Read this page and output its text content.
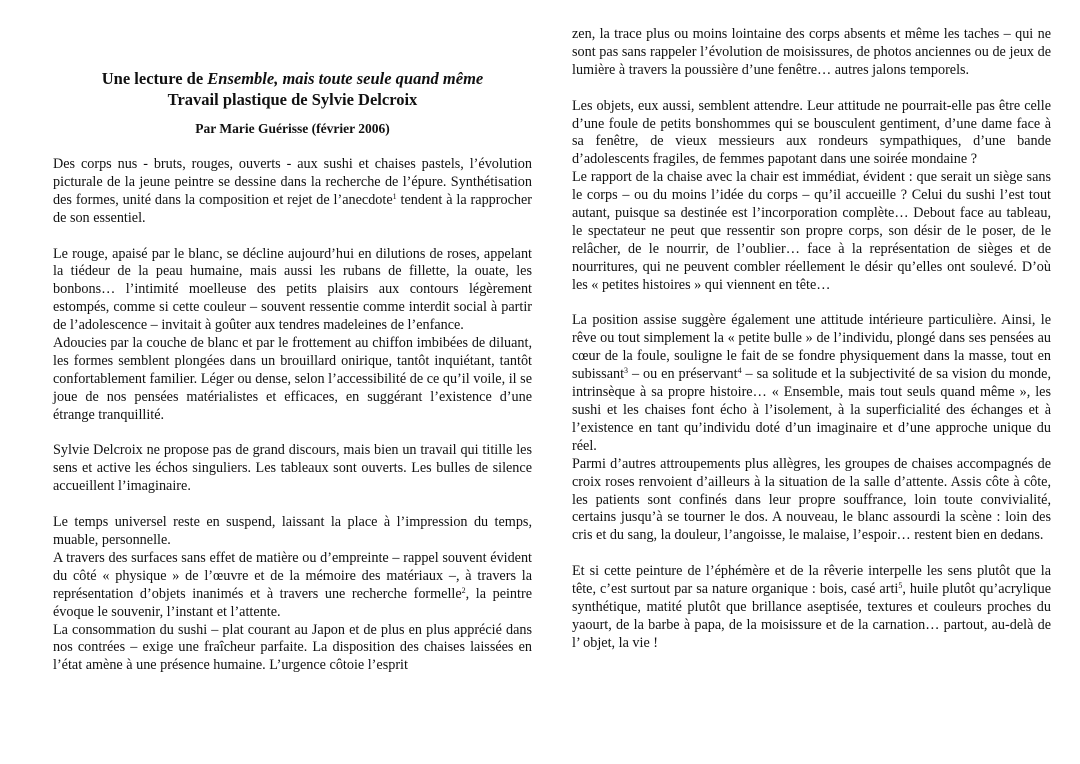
Une lecture de Ensemble, mais toute seule quand même
Travail plastique de Sylvie Delcroix
Par Marie Guérisse (février 2006)

Des corps nus - bruts, rouges, ouverts - aux sushi et chaises pastels, l’évolution picturale de la jeune peintre se dessine dans la recherche de l’épure. Synthétisation des formes, unité dans la composition et rejet de l’anecdote$^1$ tendent à la rapprocher de son essentiel.

Le rouge, apaisé par le blanc, se décline aujourd’hui en dilutions de roses, appelant la tiédeur de la peau humaine, mais aussi les rubans de fillette, la ouate, les bonbons… l’intimité moelleuse des petits plaisirs aux contours légèrement estompés, comme si cette couleur – souvent ressentie comme interdit social à partir de l’adolescence – invitait à goûter aux tendres madeleines de l’enfance.

Adoucies par la couche de blanc et par le frottement au chiffon imbibées de diluant, les formes semblent plongées dans un brouillard onirique, tantôt inquiétant, tantôt confortablement familier. Léger ou dense, selon l’accessibilité de ce qu’il voile, il se joue de nos pensées matérialistes et efficaces, en suggérant l’existence d’une étrange tranquillité.

Sylvie Delcroix ne propose pas de grand discours, mais bien un travail qui titille les sens et active les échos singuliers. Les tableaux sont ouverts. Les bulles de silence accueillent l’imaginaire.

Le temps universel reste en suspend, laissant la place à l’impression du temps, muable, personnelle.

A travers des surfaces sans effet de matière ou d’empreinte – rappel souvent évident du côté « physique » de l’œuvre et de la mémoire des matériaux –, à travers la représentation d’objets inanimés et à travers une recherche formelle$^2$, la peintre évoque le souvenir, l’instant et l’attente.

La consommation du sushi – plat courant au Japon et de plus en plus apprécié dans nos contrées – exige une fraîcheur parfaite. La disposition des chaises laissées en l’état amène à une présence humaine. L’urgence côtoie l’esprit

zen, la trace plus ou moins lointaine des corps absents et même les taches – qui ne sont pas sans rappeler l’évolution de moisissures, de photos anciennes ou de jeux de lumière à travers la poussière d’une fenêtre… autres jalons temporels.

Les objets, eux aussi, semblent attendre. Leur attitude ne pourrait-elle pas être celle d’une foule de petits bonshommes qui se bousculent gentiment, d’une dame face à sa fenêtre, de vieux messieurs aux rondeurs sympathiques, d’une bande d’adolescents fragiles, de femmes papotant dans une soirée mondaine ?

Le rapport de la chaise avec la chair est immédiat, évident : que serait un siège sans le corps – ou du moins l’idée du corps – qu’il accueille ? Celui du sushi l’est tout autant, puisque sa destinée est l’incorporation complète… Debout face au tableau, le spectateur ne peut que ressentir son propre corps, son désir de le poser, de le relâcher, de le nourrir, de l’oublier… face à la représentation de sièges et de nourritures, qui ne peuvent combler réellement le désir qu’elles ont soulevé. D’où les « petites histoires » qui viennent en tête…

La position assise suggère également une attitude intérieure particulière. Ainsi, le rêve ou tout simplement la « petite bulle » de l’individu, plongé dans ses pensées au cœur de la foule, souligne le fait de se fondre physiquement dans la masse, tout en subissant$^3$ – ou en préservant$^4$ – sa solitude et la subjectivité de sa vision du monde, intrinsèque à sa propre histoire… « Ensemble, mais tout seuls quand même », les sushi et les chaises font écho à l’isolement, à la superficialité des échanges et à l’existence en tant qu’individu doté d’un imaginaire et d’une approche unique du réel.

Parmi d’autres attroupements plus allègres, les groupes de chaises accompagnés de croix roses renvoient d’ailleurs à la situation de la salle d’attente. Assis côte à côte, les patients sont confinés dans leur propre souffrance, loin toute convivialité, certains jusqu’à se tourner le dos. A nouveau, le blanc assourdi la scène : loin des cris et du sang, la douleur, l’angoisse, le malaise, l’espoir… restent bien en dedans.

Et si cette peinture de l’éphémère et de la rêverie interpelle les sens plutôt que la tête, c’est surtout par sa nature organique : bois, casé arti$^5$, huile plutôt qu’acrylique synthétique, matité plutôt que brillance aseptisée, textures et couleurs proches du yaourt, de la barbe à papa, de la moisissure et de la carnation… partout, au-delà de l’ objet, la vie !
